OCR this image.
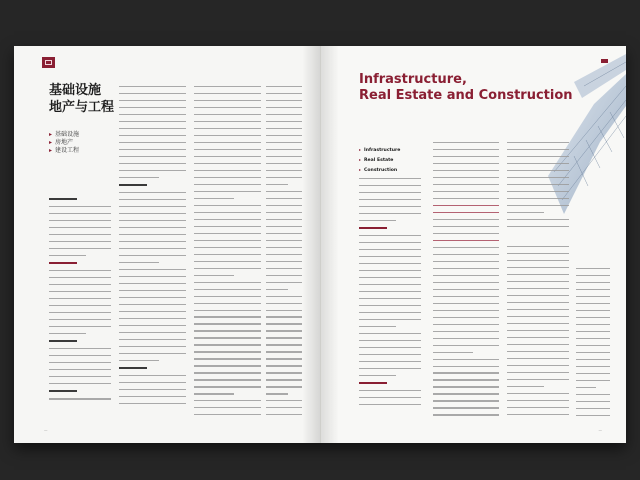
基础设施
地产与工程
▸ 基础设施
▸ 房地产
▸ 建设工程
—
Infrastructure,
Real Estate and Construction
▸ Infrastructure
▸ Real Estate
▸ Construction
—
